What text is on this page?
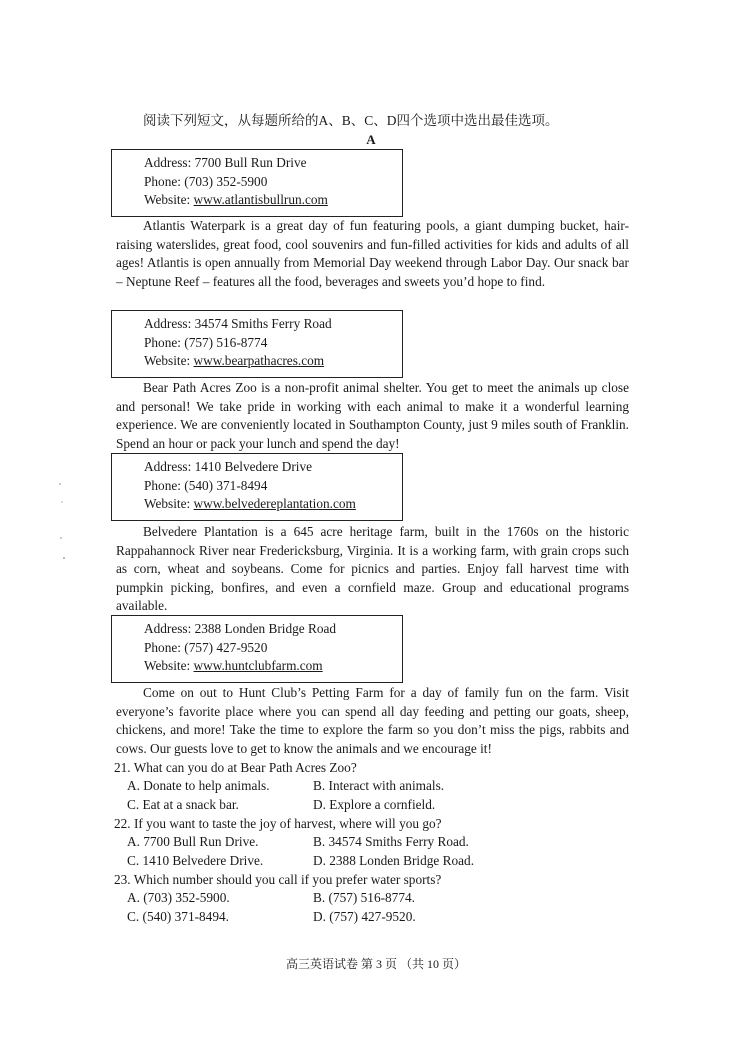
阅读下列短文，从每题所给的A、B、C、D四个选项中选出最佳选项。
A
Address: 7700 Bull Run Drive
Phone: (703) 352-5900
Website: www.atlantisbullrun.com

Atlantis Waterpark is a great day of fun featuring pools, a giant dumping bucket, hair-raising waterslides, great food, cool souvenirs and fun-filled activities for kids and adults of all ages! Atlantis is open annually from Memorial Day weekend through Labor Day. Our snack bar – Neptune Reef – features all the food, beverages and sweets you’d hope to find.

Address: 34574 Smiths Ferry Road
Phone: (757) 516-8774
Website: www.bearpathacres.com

Bear Path Acres Zoo is a non-profit animal shelter. You get to meet the animals up close and personal! We take pride in working with each animal to make it a wonderful learning experience. We are conveniently located in Southampton County, just 9 miles south of Franklin. Spend an hour or pack your lunch and spend the day!

Address: 1410 Belvedere Drive
Phone: (540) 371-8494
Website: www.belvedereplantation.com

Belvedere Plantation is a 645 acre heritage farm, built in the 1760s on the historic Rappahannock River near Fredericksburg, Virginia. It is a working farm, with grain crops such as corn, wheat and soybeans. Come for picnics and parties. Enjoy fall harvest time with pumpkin picking, bonfires, and even a cornfield maze. Group and educational programs available.

Address: 2388 Londen Bridge Road
Phone: (757) 427-9520
Website: www.huntclubfarm.com

Come on out to Hunt Club’s Petting Farm for a day of family fun on the farm. Visit everyone’s favorite place where you can spend all day feeding and petting our goats, sheep, chickens, and more! Take the time to explore the farm so you don’t miss the pigs, rabbits and cows. Our guests love to get to know the animals and we encourage it!

21. What can you do at Bear Path Acres Zoo?
A. Donate to help animals.	B. Interact with animals.
C. Eat at a snack bar.	D. Explore a cornfield.
22. If you want to taste the joy of harvest, where will you go?
A. 7700 Bull Run Drive.	B. 34574 Smiths Ferry Road.
C. 1410 Belvedere Drive.	D. 2388 Londen Bridge Road.
23. Which number should you call if you prefer water sports?
A. (703) 352-5900.	B. (757) 516-8774.
C. (540) 371-8494.	D. (757) 427-9520.
高三英语试卷 第 3 页 （共 10 页）
